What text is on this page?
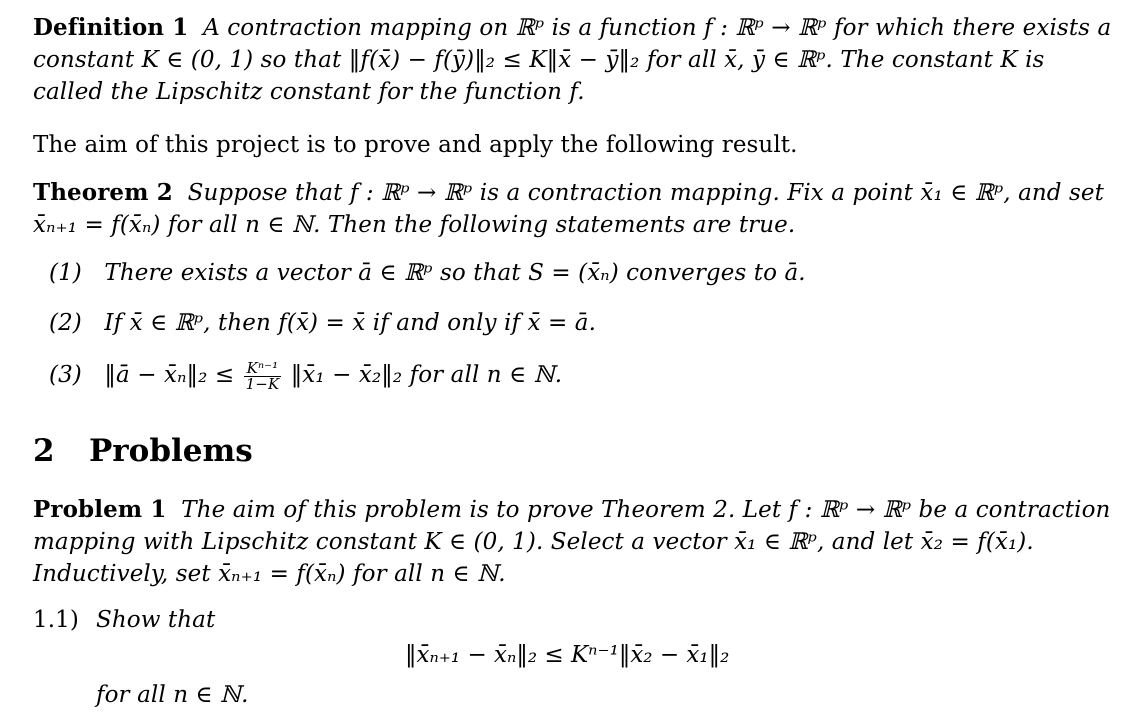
Definition 1 A contraction mapping on ℝᵖ is a function f : ℝᵖ → ℝᵖ for which there exists a
constant K ∈ (0, 1) so that ‖f(x̄) − f(ȳ)‖₂ ≤ K‖x̄ − ȳ‖₂ for all x̄, ȳ ∈ ℝᵖ. The constant K is
called the Lipschitz constant for the function f.
The aim of this project is to prove and apply the following result.
Theorem 2 Suppose that f : ℝᵖ → ℝᵖ is a contraction mapping. Fix a point x̄₁ ∈ ℝᵖ, and set
x̄ₙ₊₁ = f(x̄ₙ) for all n ∈ ℕ. Then the following statements are true.
(1) There exists a vector ā ∈ ℝᵖ so that S = (x̄ₙ) converges to ā.
(2) If x̄ ∈ ℝᵖ, then f(x̄) = x̄ if and only if x̄ = ā.
(3) ‖ā − x̄ₙ‖₂ ≤ $\frac{\text{Kⁿ⁻¹}}{1-K}$ ‖x̄₁ − x̄₂‖₂ for all n ∈ ℕ.
2 Problems
Problem 1 The aim of this problem is to prove Theorem 2. Let f : ℝᵖ → ℝᵖ be a contraction
mapping with Lipschitz constant K ∈ (0, 1). Select a vector x̄₁ ∈ ℝᵖ, and let x̄₂ = f(x̄₁).
Inductively, set x̄ₙ₊₁ = f(x̄ₙ) for all n ∈ ℕ.
1.1) Show that
‖x̄ₙ₊₁ − x̄ₙ‖₂ ≤ Kⁿ⁻¹‖x̄₂ − x̄₁‖₂
for all n ∈ ℕ.
